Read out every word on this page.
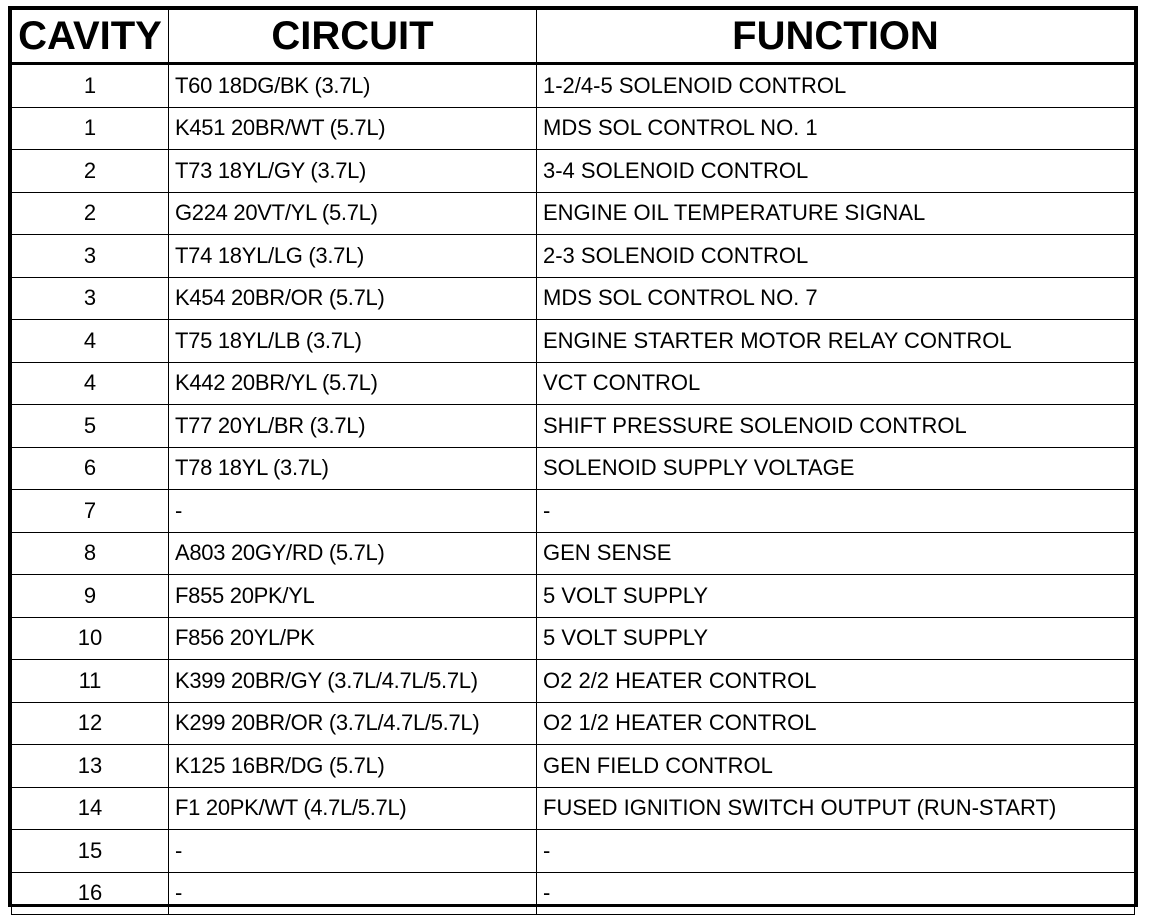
CAVITY	CIRCUIT	FUNCTION
1	T60 18DG/BK (3.7L)	1-2/4-5 SOLENOID CONTROL
1	K451 20BR/WT (5.7L)	MDS SOL CONTROL NO. 1
2	T73 18YL/GY (3.7L)	3-4 SOLENOID CONTROL
2	G224 20VT/YL (5.7L)	ENGINE OIL TEMPERATURE SIGNAL
3	T74 18YL/LG (3.7L)	2-3 SOLENOID CONTROL
3	K454 20BR/OR (5.7L)	MDS SOL CONTROL NO. 7
4	T75 18YL/LB (3.7L)	ENGINE STARTER MOTOR RELAY CONTROL
4	K442 20BR/YL (5.7L)	VCT CONTROL
5	T77 20YL/BR (3.7L)	SHIFT PRESSURE SOLENOID CONTROL
6	T78 18YL (3.7L)	SOLENOID SUPPLY VOLTAGE
7	-	-
8	A803 20GY/RD (5.7L)	GEN SENSE
9	F855 20PK/YL	5 VOLT SUPPLY
10	F856 20YL/PK	5 VOLT SUPPLY
11	K399 20BR/GY (3.7L/4.7L/5.7L)	O2 2/2 HEATER CONTROL
12	K299 20BR/OR (3.7L/4.7L/5.7L)	O2 1/2 HEATER CONTROL
13	K125 16BR/DG (5.7L)	GEN FIELD CONTROL
14	F1 20PK/WT (4.7L/5.7L)	FUSED IGNITION SWITCH OUTPUT (RUN-START)
15	-	-
16	-	-
